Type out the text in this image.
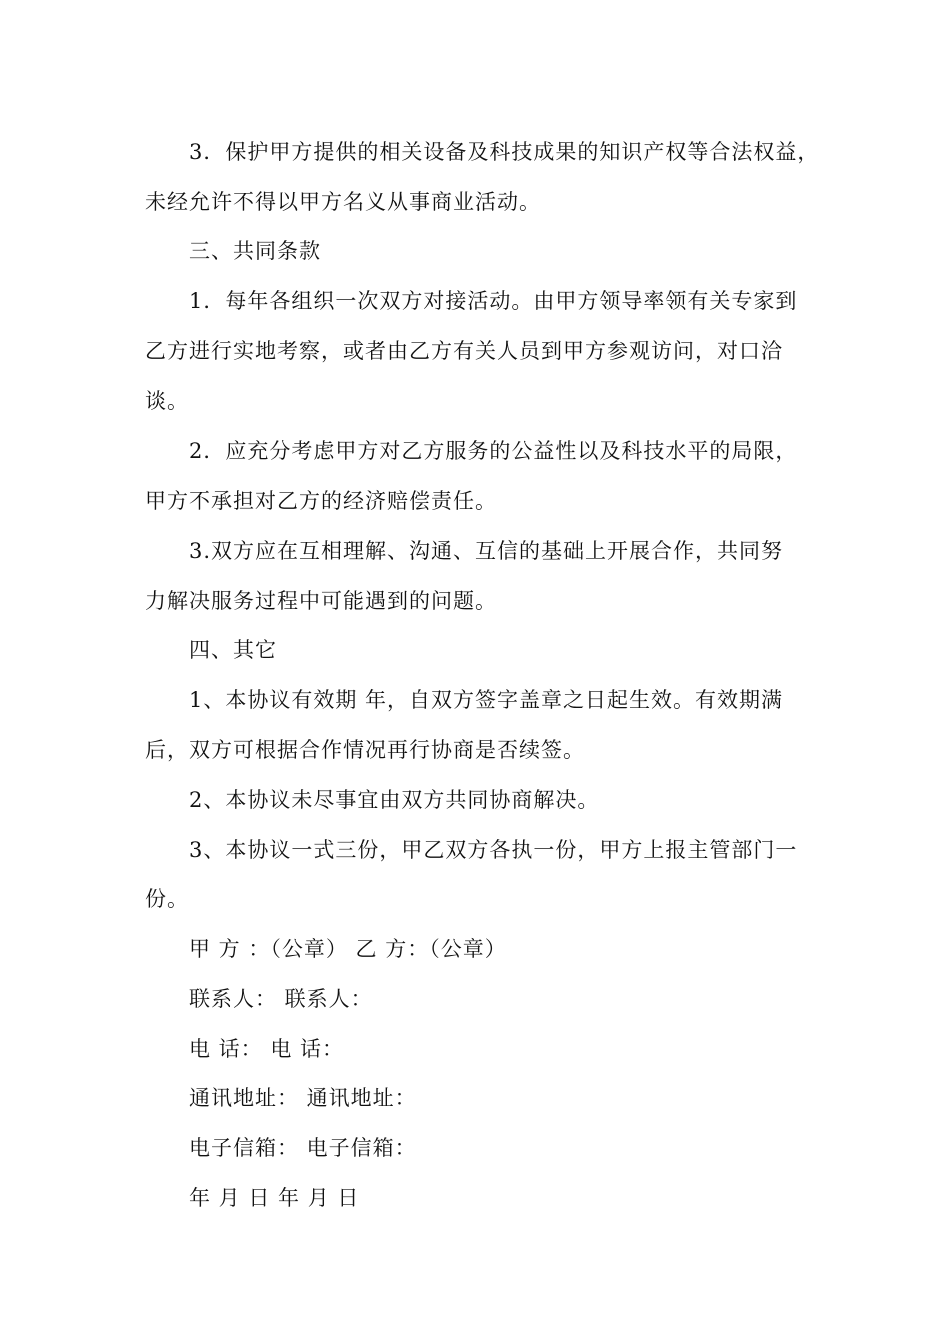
3．保护甲方提供的相关设备及科技成果的知识产权等合法权益，
未经允许不得以甲方名义从事商业活动。
三、共同条款
1．每年各组织一次双方对接活动。由甲方领导率领有关专家到
乙方进行实地考察，或者由乙方有关人员到甲方参观访问，对口洽
谈。
2．应充分考虑甲方对乙方服务的公益性以及科技水平的局限，
甲方不承担对乙方的经济赔偿责任。
3.双方应在互相理解、沟通、互信的基础上开展合作，共同努
力解决服务过程中可能遇到的问题。
四、其它
1、本协议有效期 年，自双方签字盖章之日起生效。有效期满
后，双方可根据合作情况再行协商是否续签。
2、本协议未尽事宜由双方共同协商解决。
3、本协议一式三份，甲乙双方各执一份，甲方上报主管部门一
份。
甲 方 ：（公章） 乙 方：（公章）
联系人： 联系人：
电 话： 电 话：
通讯地址： 通讯地址：
电子信箱： 电子信箱：
年 月 日 年 月 日
